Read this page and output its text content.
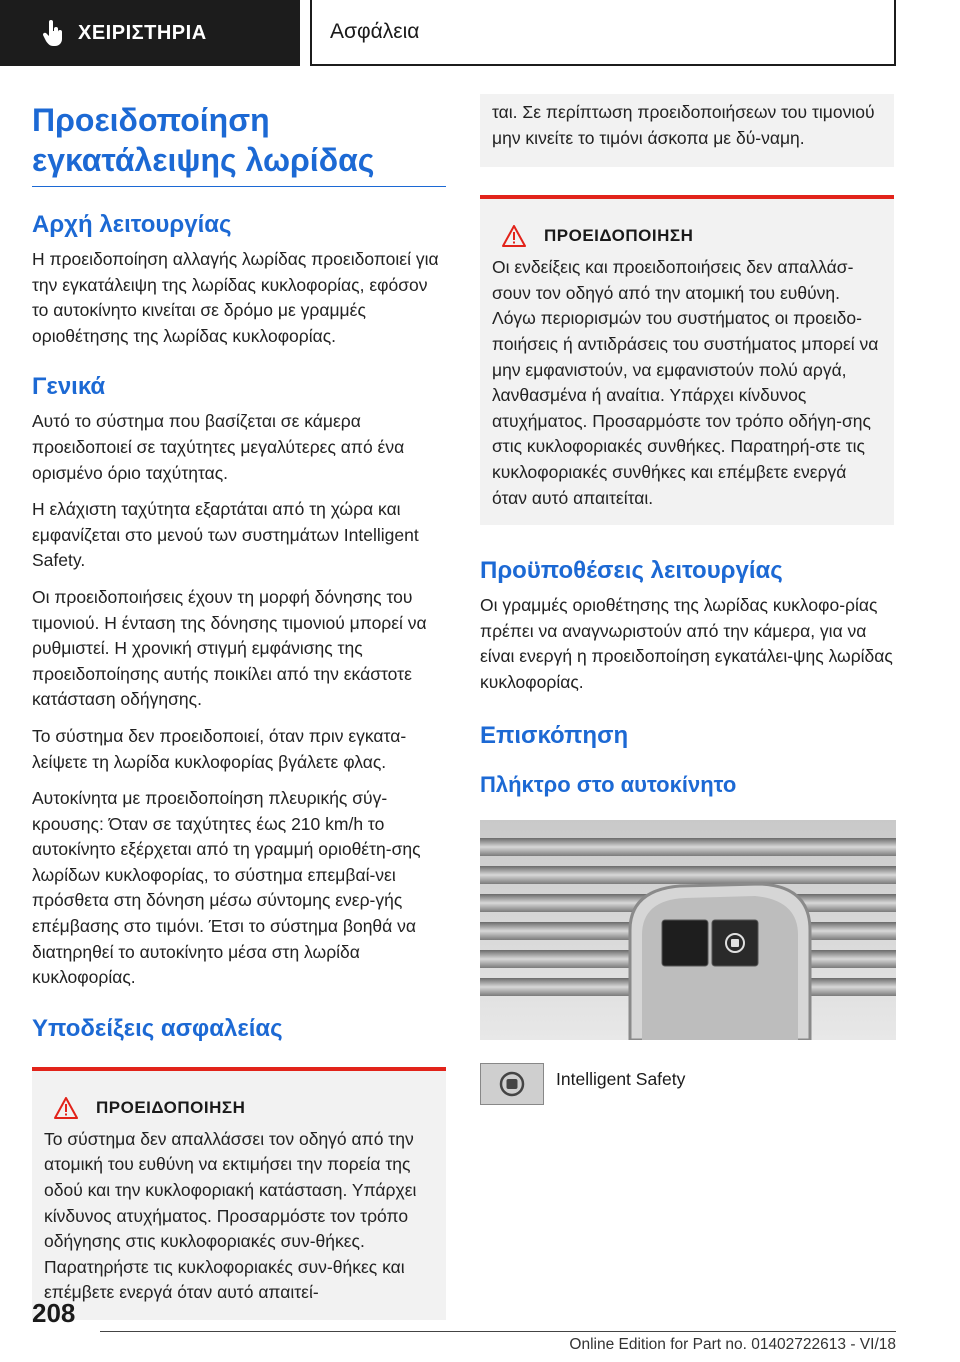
ΧΕΙΡΙΣΤΗΡΙΑ	Ασφάλεια
Προειδοποίηση εγκατάλειψης λωρίδας
Αρχή λειτουργίας
Η προειδοποίηση αλλαγής λωρίδας προειδοποιεί για την εγκατάλειψη της λωρίδας κυκλοφορίας, εφόσον το αυτοκίνητο κινείται σε δρόμο με γραμμές οριοθέτησης της λωρίδας κυκλοφορίας.
Γενικά
Αυτό το σύστημα που βασίζεται σε κάμερα προειδοποιεί σε ταχύτητες μεγαλύτερες από ένα ορισμένο όριο ταχύτητας.
Η ελάχιστη ταχύτητα εξαρτάται από τη χώρα και εμφανίζεται στο μενού των συστημάτων Intelligent Safety.
Οι προειδοποιήσεις έχουν τη μορφή δόνησης του τιμονιού. Η ένταση της δόνησης τιμονιού μπορεί να ρυθμιστεί. Η χρονική στιγμή εμφάνισης της προειδοποίησης αυτής ποικίλει από την εκάστοτε κατάσταση οδήγησης.
Το σύστημα δεν προειδοποιεί, όταν πριν εγκατα-λείψετε τη λωρίδα κυκλοφορίας βγάλετε φλας.
Αυτοκίνητα με προειδοποίηση πλευρικής σύγ-κρουσης: Όταν σε ταχύτητες έως 210 km/h το αυτοκίνητο εξέρχεται από τη γραμμή οριοθέτη-σης λωρίδων κυκλοφορίας, το σύστημα επεμβαί-νει πρόσθετα στη δόνηση μέσω σύντομης ενερ-γής επέμβασης στο τιμόνι. Έτσι το σύστημα βοηθά να διατηρηθεί το αυτοκίνητο μέσα στη λωρίδα κυκλοφορίας.
Υποδείξεις ασφαλείας
ΠΡΟΕΙΔΟΠΟΙΗΣΗ
Το σύστημα δεν απαλλάσσει τον οδηγό από την ατομική του ευθύνη να εκτιμήσει την πορεία της οδού και την κυκλοφοριακή κατάσταση. Υπάρχει κίνδυνος ατυχήματος. Προσαρμόστε τον τρόπο οδήγησης στις κυκλοφοριακές συν-θήκες. Παρατηρήστε τις κυκλοφοριακές συν-θήκες και επέμβετε ενεργά όταν αυτό απαιτεί-
ται. Σε περίπτωση προειδοποιήσεων του τιμονιού μην κινείτε το τιμόνι άσκοπα με δύ-ναμη.
ΠΡΟΕΙΔΟΠΟΙΗΣΗ
Οι ενδείξεις και προειδοποιήσεις δεν απαλλάσ-σουν τον οδηγό από την ατομική του ευθύνη. Λόγω περιορισμών του συστήματος οι προειδο-ποιήσεις ή αντιδράσεις του συστήματος μπορεί να μην εμφανιστούν, να εμφανιστούν πολύ αργά, λανθασμένα ή αναίτια. Υπάρχει κίνδυνος ατυχήματος. Προσαρμόστε τον τρόπο οδήγη-σης στις κυκλοφοριακές συνθήκες. Παρατηρή-στε τις κυκλοφοριακές συνθήκες και επέμβετε ενεργά όταν αυτό απαιτείται.
Προϋποθέσεις λειτουργίας
Οι γραμμές οριοθέτησης της λωρίδας κυκλοφο-ρίας πρέπει να αναγνωριστούν από την κάμερα, για να είναι ενεργή η προειδοποίηση εγκατάλει-ψης λωρίδας κυκλοφορίας.
Επισκόπηση
Πλήκτρο στο αυτοκίνητο
Intelligent Safety
208
Online Edition for Part no. 01402722613 - VI/18
